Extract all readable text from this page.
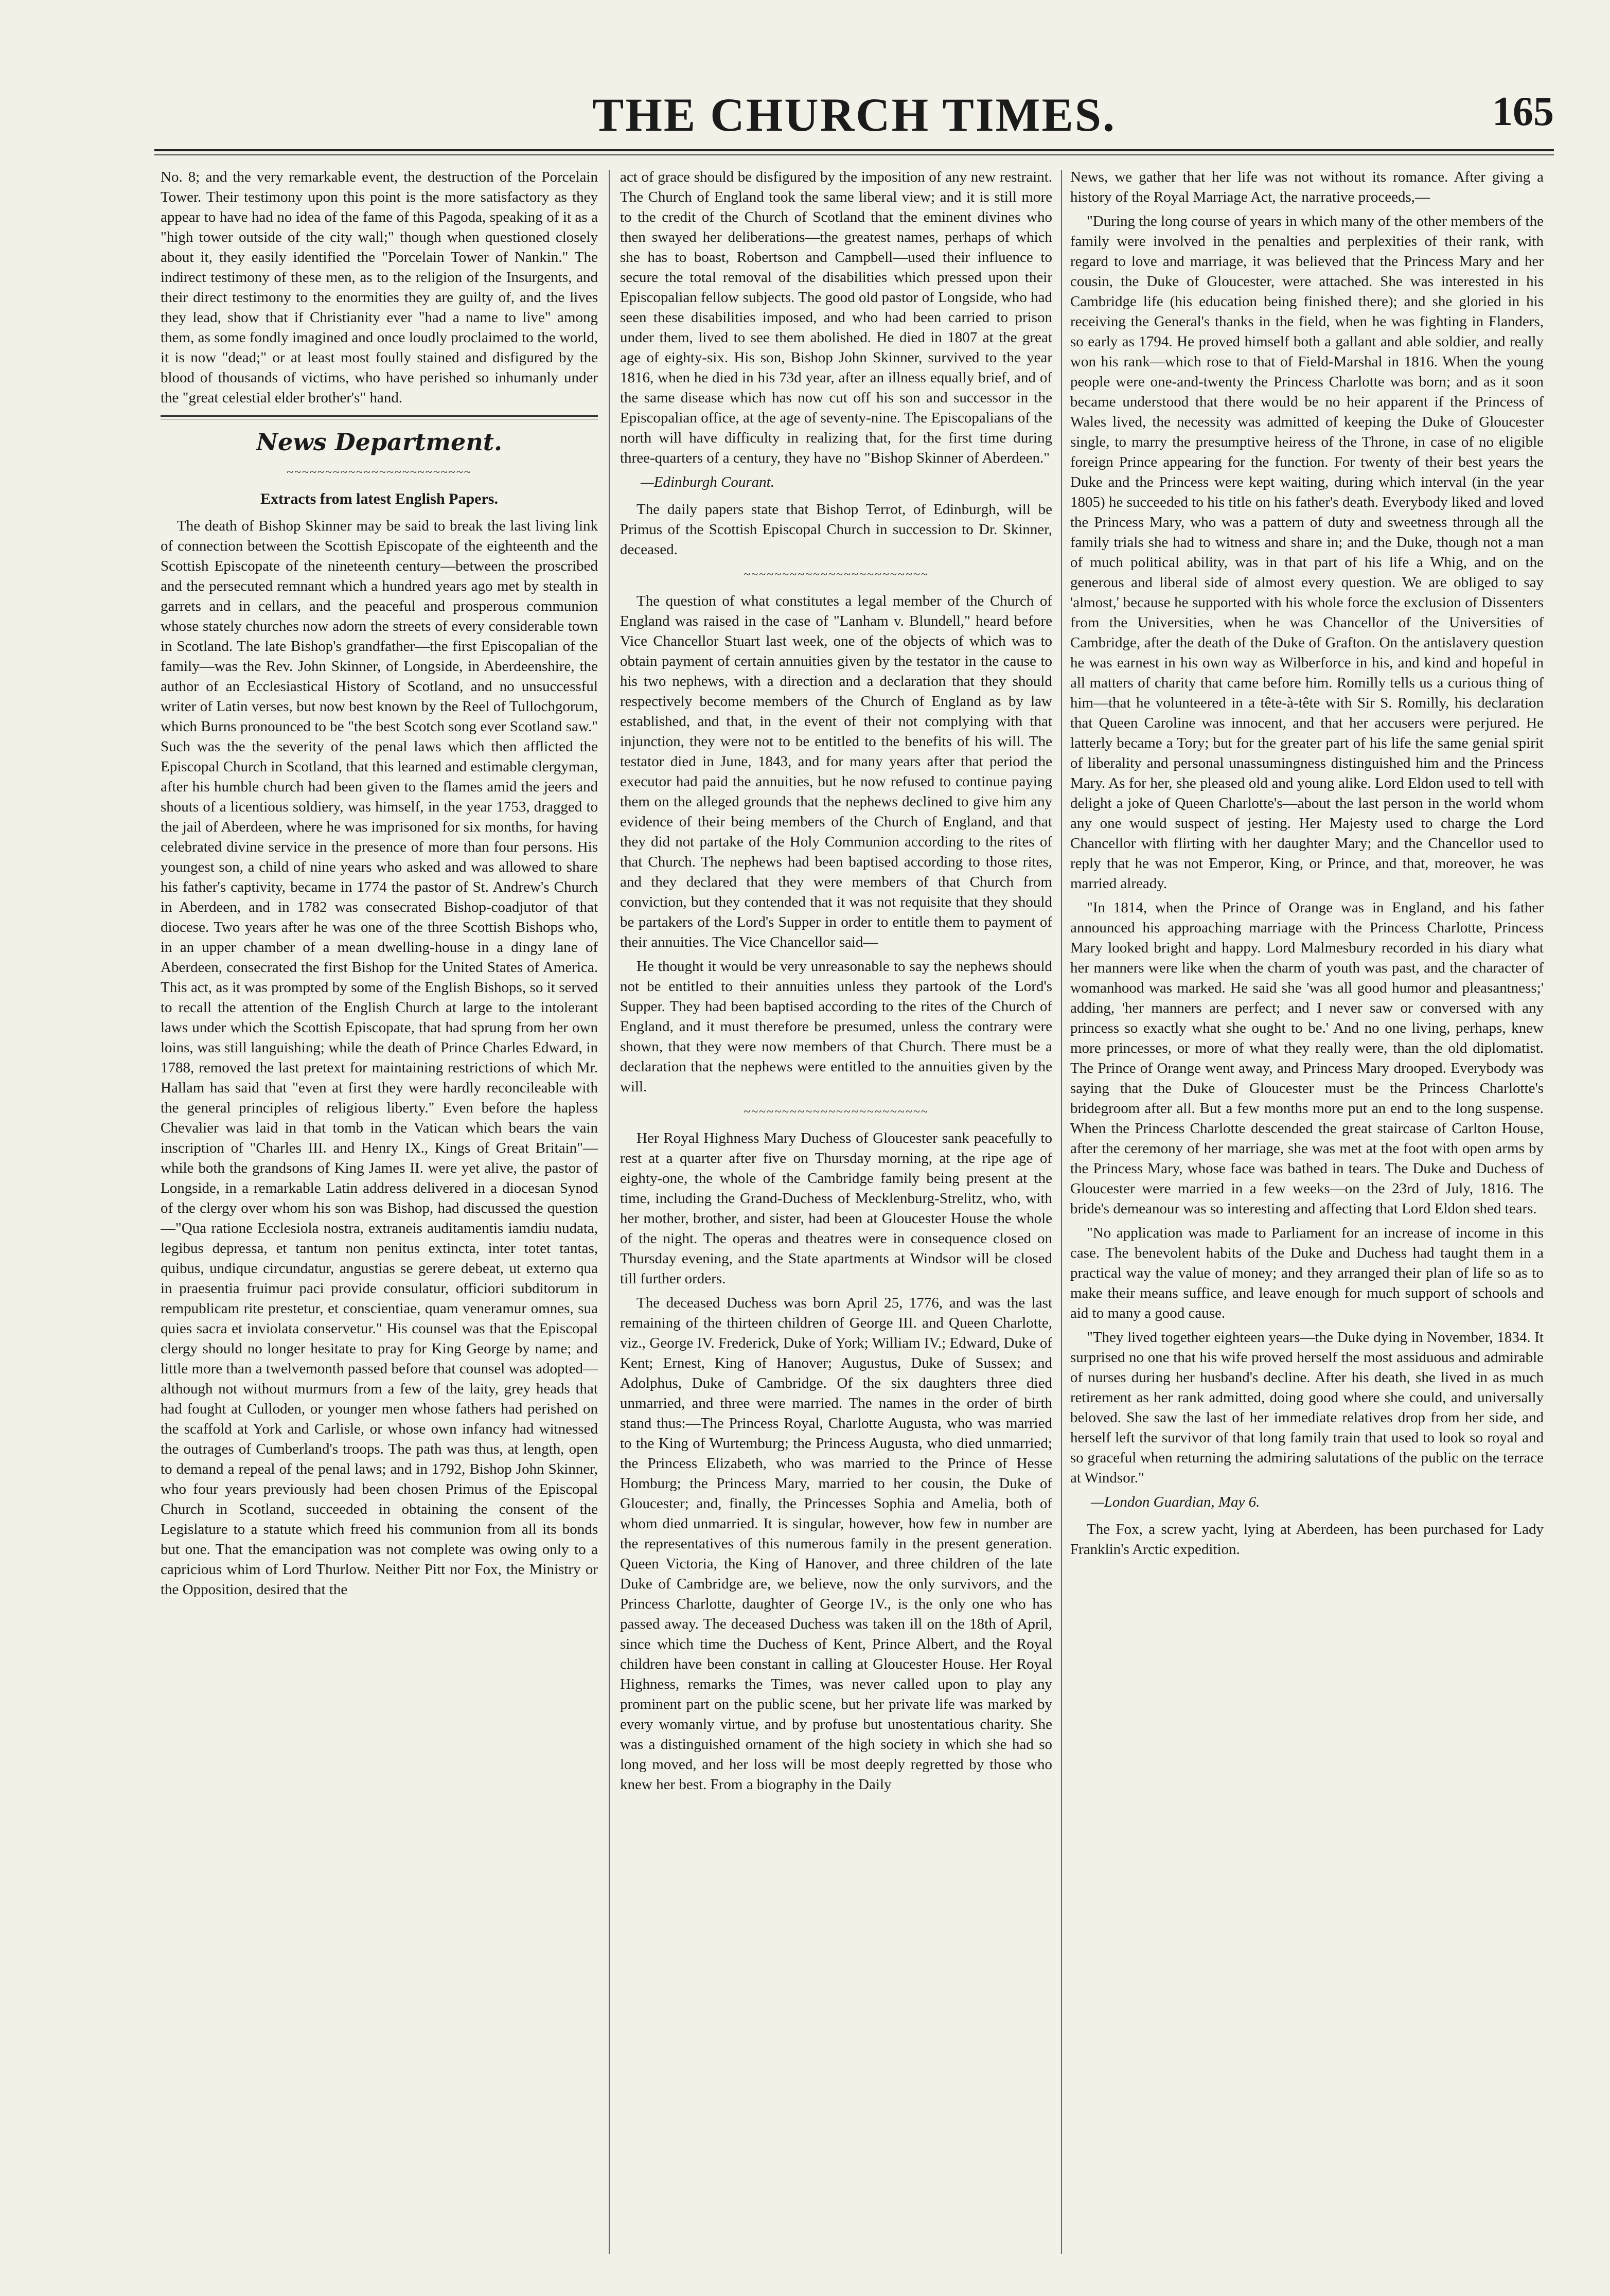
THE CHURCH TIMES.	165

No. 8; and the very remarkable event, the destruction of the Porcelain Tower. Their testimony upon this point is the more satisfactory as they appear to have had no idea of the fame of this Pagoda, speaking of it as a "high tower outside of the city wall;" though when questioned closely about it, they easily identified the "Porcelain Tower of Nankin." The indirect testimony of these men, as to the religion of the Insurgents, and their direct testimony to the enormities they are guilty of, and the lives they lead, show that if Christianity ever "had a name to live" among them, as some fondly imagined and once loudly proclaimed to the world, it is now "dead;" or at least most foully stained and disfigured by the blood of thousands of victims, who have perished so inhumanly under the "great celestial elder brother's" hand.

News Department.
~~~~~~~~~~~~~~~~~~~~~~~~
Extracts from latest English Papers.

The death of Bishop Skinner may be said to break the last living link of connection between the Scottish Episcopate of the eighteenth and the Scottish Episcopate of the nineteenth century—between the proscribed and the persecuted remnant which a hundred years ago met by stealth in garrets and in cellars, and the peaceful and prosperous communion whose stately churches now adorn the streets of every considerable town in Scotland. The late Bishop's grandfather—the first Episcopalian of the family—was the Rev. John Skinner, of Longside, in Aberdeenshire, the author of an Ecclesiastical History of Scotland, and no unsuccessful writer of Latin verses, but now best known by the Reel of Tullochgorum, which Burns pronounced to be "the best Scotch song ever Scotland saw." Such was the the severity of the penal laws which then afflicted the Episcopal Church in Scotland, that this learned and estimable clergyman, after his humble church had been given to the flames amid the jeers and shouts of a licentious soldiery, was himself, in the year 1753, dragged to the jail of Aberdeen, where he was imprisoned for six months, for having celebrated divine service in the presence of more than four persons. His youngest son, a child of nine years who asked and was allowed to share his father's captivity, became in 1774 the pastor of St. Andrew's Church in Aberdeen, and in 1782 was consecrated Bishop-coadjutor of that diocese. Two years after he was one of the three Scottish Bishops who, in an upper chamber of a mean dwelling-house in a dingy lane of Aberdeen, consecrated the first Bishop for the United States of America. This act, as it was prompted by some of the English Bishops, so it served to recall the attention of the English Church at large to the intolerant laws under which the Scottish Episcopate, that had sprung from her own loins, was still languishing; while the death of Prince Charles Edward, in 1788, removed the last pretext for maintaining restrictions of which Mr. Hallam has said that "even at first they were hardly reconcileable with the general principles of religious liberty." Even before the hapless Chevalier was laid in that tomb in the Vatican which bears the vain inscription of "Charles III. and Henry IX., Kings of Great Britain"—while both the grandsons of King James II. were yet alive, the pastor of Longside, in a remarkable Latin address delivered in a diocesan Synod of the clergy over whom his son was Bishop, had discussed the question—"Qua ratione Ecclesiola nostra, extraneis auditamentis iamdiu nudata, legibus depressa, et tantum non penitus extincta, inter totet tantas, quibus, undique circundatur, angustias se gerere debeat, ut externo qua in praesentia fruimur paci provide consulatur, officiori subditorum in rempublicam rite prestetur, et conscientiae, quam veneramur omnes, sua quies sacra et inviolata conservetur." His counsel was that the Episcopal clergy should no longer hesitate to pray for King George by name; and little more than a twelvemonth passed before that counsel was adopted—although not without murmurs from a few of the laity, grey heads that had fought at Culloden, or younger men whose fathers had perished on the scaffold at York and Carlisle, or whose own infancy had witnessed the outrages of Cumberland's troops. The path was thus, at length, open to demand a repeal of the penal laws; and in 1792, Bishop John Skinner, who four years previously had been chosen Primus of the Episcopal Church in Scotland, succeeded in obtaining the consent of the Legislature to a statute which freed his communion from all its bonds but one. That the emancipation was not complete was owing only to a capricious whim of Lord Thurlow. Neither Pitt nor Fox, the Ministry or the Opposition, desired that the

act of grace should be disfigured by the imposition of any new restraint. The Church of England took the same liberal view; and it is still more to the credit of the Church of Scotland that the eminent divines who then swayed her deliberations—the greatest names, perhaps of which she has to boast, Robertson and Campbell—used their influence to secure the total removal of the disabilities which pressed upon their Episcopalian fellow subjects. The good old pastor of Longside, who had seen these disabilities imposed, and who had been carried to prison under them, lived to see them abolished. He died in 1807 at the great age of eighty-six. His son, Bishop John Skinner, survived to the year 1816, when he died in his 73d year, after an illness equally brief, and of the same disease which has now cut off his son and successor in the Episcopalian office, at the age of seventy-nine. The Episcopalians of the north will have difficulty in realizing that, for the first time during three-quarters of a century, they have no "Bishop Skinner of Aberdeen."

—Edinburgh Courant.

The daily papers state that Bishop Terrot, of Edinburgh, will be Primus of the Scottish Episcopal Church in succession to Dr. Skinner, deceased.

~~~~~~~~~~~~~~~~~~~~~~~~

The question of what constitutes a legal member of the Church of England was raised in the case of "Lanham v. Blundell," heard before Vice Chancellor Stuart last week, one of the objects of which was to obtain payment of certain annuities given by the testator in the cause to his two nephews, with a direction and a declaration that they should respectively become members of the Church of England as by law established, and that, in the event of their not complying with that injunction, they were not to be entitled to the benefits of his will. The testator died in June, 1843, and for many years after that period the executor had paid the annuities, but he now refused to continue paying them on the alleged grounds that the nephews declined to give him any evidence of their being members of the Church of England, and that they did not partake of the Holy Communion according to the rites of that Church. The nephews had been baptised according to those rites, and they declared that they were members of that Church from conviction, but they contended that it was not requisite that they should be partakers of the Lord's Supper in order to entitle them to payment of their annuities. The Vice Chancellor said—

He thought it would be very unreasonable to say the nephews should not be entitled to their annuities unless they partook of the Lord's Supper. They had been baptised according to the rites of the Church of England, and it must therefore be presumed, unless the contrary were shown, that they were now members of that Church. There must be a declaration that the nephews were entitled to the annuities given by the will.

~~~~~~~~~~~~~~~~~~~~~~~~

Her Royal Highness Mary Duchess of Gloucester sank peacefully to rest at a quarter after five on Thursday morning, at the ripe age of eighty-one, the whole of the Cambridge family being present at the time, including the Grand-Duchess of Mecklenburg-Strelitz, who, with her mother, brother, and sister, had been at Gloucester House the whole of the night. The operas and theatres were in consequence closed on Thursday evening, and the State apartments at Windsor will be closed till further orders.

The deceased Duchess was born April 25, 1776, and was the last remaining of the thirteen children of George III. and Queen Charlotte, viz., George IV. Frederick, Duke of York; William IV.; Edward, Duke of Kent; Ernest, King of Hanover; Augustus, Duke of Sussex; and Adolphus, Duke of Cambridge. Of the six daughters three died unmarried, and three were married. The names in the order of birth stand thus:—The Princess Royal, Charlotte Augusta, who was married to the King of Wurtemburg; the Princess Augusta, who died unmarried; the Princess Elizabeth, who was married to the Prince of Hesse Homburg; the Princess Mary, married to her cousin, the Duke of Gloucester; and, finally, the Princesses Sophia and Amelia, both of whom died unmarried. It is singular, however, how few in number are the representatives of this numerous family in the present generation. Queen Victoria, the King of Hanover, and three children of the late Duke of Cambridge are, we believe, now the only survivors, and the Princess Charlotte, daughter of George IV., is the only one who has passed away. The deceased Duchess was taken ill on the 18th of April, since which time the Duchess of Kent, Prince Albert, and the Royal children have been constant in calling at Gloucester House. Her Royal Highness, remarks the Times, was never called upon to play any prominent part on the public scene, but her private life was marked by every womanly virtue, and by profuse but unostentatious charity. She was a distinguished ornament of the high society in which she had so long moved, and her loss will be most deeply regretted by those who knew her best. From a biography in the Daily

News, we gather that her life was not without its romance. After giving a history of the Royal Marriage Act, the narrative proceeds,—

"During the long course of years in which many of the other members of the family were involved in the penalties and perplexities of their rank, with regard to love and marriage, it was believed that the Princess Mary and her cousin, the Duke of Gloucester, were attached. She was interested in his Cambridge life (his education being finished there); and she gloried in his receiving the General's thanks in the field, when he was fighting in Flanders, so early as 1794. He proved himself both a gallant and able soldier, and really won his rank—which rose to that of Field-Marshal in 1816. When the young people were one-and-twenty the Princess Charlotte was born; and as it soon became understood that there would be no heir apparent if the Princess of Wales lived, the necessity was admitted of keeping the Duke of Gloucester single, to marry the presumptive heiress of the Throne, in case of no eligible foreign Prince appearing for the function. For twenty of their best years the Duke and the Princess were kept waiting, during which interval (in the year 1805) he succeeded to his title on his father's death. Everybody liked and loved the Princess Mary, who was a pattern of duty and sweetness through all the family trials she had to witness and share in; and the Duke, though not a man of much political ability, was in that part of his life a Whig, and on the generous and liberal side of almost every question. We are obliged to say 'almost,' because he supported with his whole force the exclusion of Dissenters from the Universities, when he was Chancellor of the Universities of Cambridge, after the death of the Duke of Grafton. On the antislavery question he was earnest in his own way as Wilberforce in his, and kind and hopeful in all matters of charity that came before him. Romilly tells us a curious thing of him—that he volunteered in a tête-à-tête with Sir S. Romilly, his declaration that Queen Caroline was innocent, and that her accusers were perjured. He latterly became a Tory; but for the greater part of his life the same genial spirit of liberality and personal unassumingness distinguished him and the Princess Mary. As for her, she pleased old and young alike. Lord Eldon used to tell with delight a joke of Queen Charlotte's—about the last person in the world whom any one would suspect of jesting. Her Majesty used to charge the Lord Chancellor with flirting with her daughter Mary; and the Chancellor used to reply that he was not Emperor, King, or Prince, and that, moreover, he was married already.

"In 1814, when the Prince of Orange was in England, and his father announced his approaching marriage with the Princess Charlotte, Princess Mary looked bright and happy. Lord Malmesbury recorded in his diary what her manners were like when the charm of youth was past, and the character of womanhood was marked. He said she 'was all good humor and pleasantness;' adding, 'her manners are perfect; and I never saw or conversed with any princess so exactly what she ought to be.' And no one living, perhaps, knew more princesses, or more of what they really were, than the old diplomatist. The Prince of Orange went away, and Princess Mary drooped. Everybody was saying that the Duke of Gloucester must be the Princess Charlotte's bridegroom after all. But a few months more put an end to the long suspense. When the Princess Charlotte descended the great staircase of Carlton House, after the ceremony of her marriage, she was met at the foot with open arms by the Princess Mary, whose face was bathed in tears. The Duke and Duchess of Gloucester were married in a few weeks—on the 23rd of July, 1816. The bride's demeanour was so interesting and affecting that Lord Eldon shed tears.

"No application was made to Parliament for an increase of income in this case. The benevolent habits of the Duke and Duchess had taught them in a practical way the value of money; and they arranged their plan of life so as to make their means suffice, and leave enough for much support of schools and aid to many a good cause.

"They lived together eighteen years—the Duke dying in November, 1834. It surprised no one that his wife proved herself the most assiduous and admirable of nurses during her husband's decline. After his death, she lived in as much retirement as her rank admitted, doing good where she could, and universally beloved. She saw the last of her immediate relatives drop from her side, and herself left the survivor of that long family train that used to look so royal and so graceful when returning the admiring salutations of the public on the terrace at Windsor."

—London Guardian, May 6.

The Fox, a screw yacht, lying at Aberdeen, has been purchased for Lady Franklin's Arctic expedition.
